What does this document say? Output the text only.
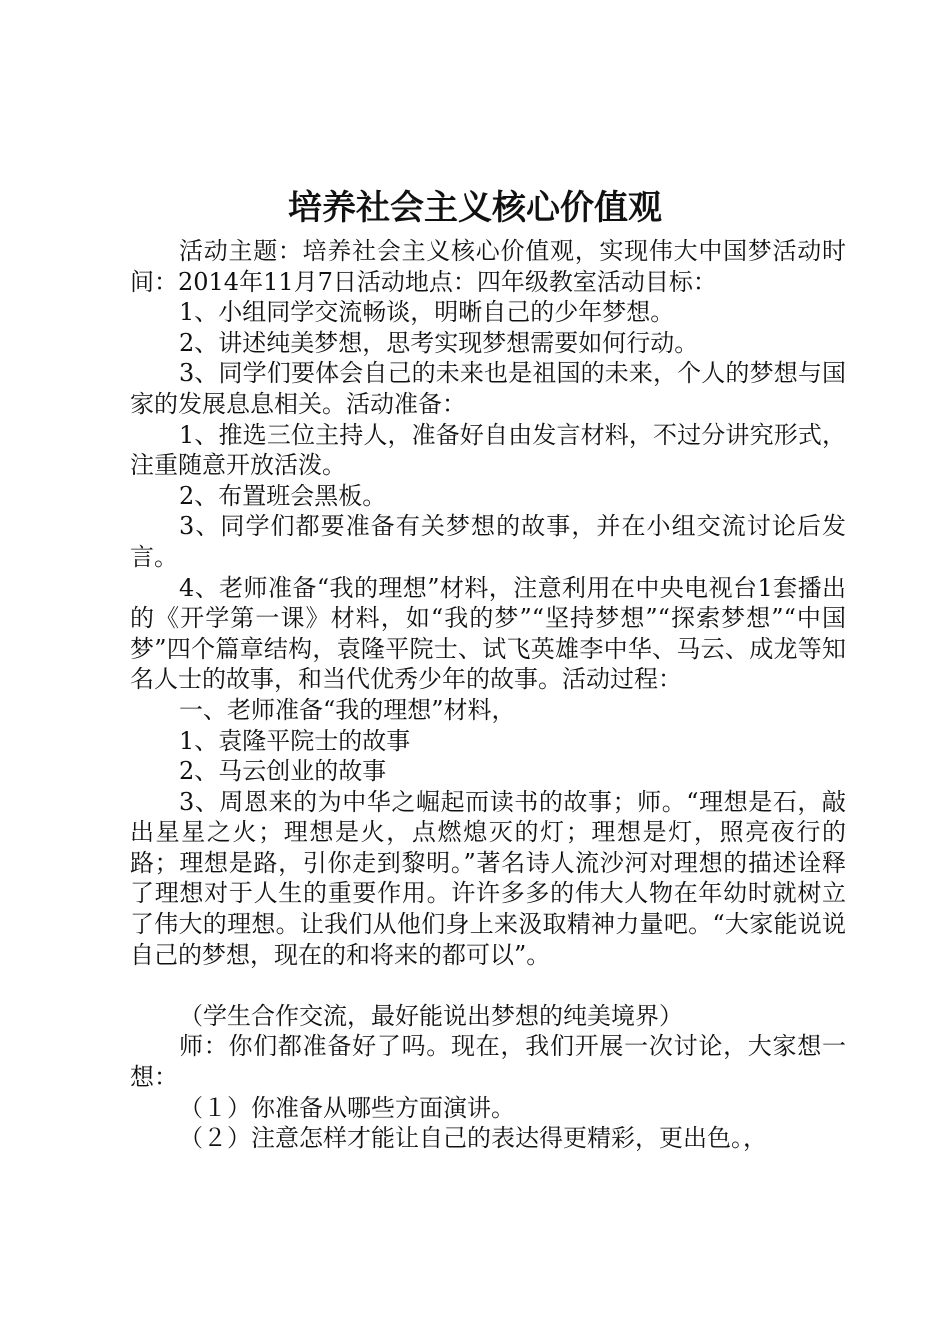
培养社会主义核心价值观

活动主题：培养社会主义核心价值观，实现伟大中国梦活动时间：2014年11月7日活动地点：四年级教室活动目标：

1、小组同学交流畅谈，明晰自己的少年梦想。

2、讲述纯美梦想，思考实现梦想需要如何行动。

3、同学们要体会自己的未来也是祖国的未来，个人的梦想与国家的发展息息相关。活动准备：

1、推选三位主持人，准备好自由发言材料，不过分讲究形式，注重随意开放活泼。

2、布置班会黑板。

3、同学们都要准备有关梦想的故事，并在小组交流讨论后发言。

4、老师准备“我的理想”材料，注意利用在中央电视台1套播出的《开学第一课》材料，如“我的梦”“坚持梦想”“探索梦想”“中国梦”四个篇章结构，袁隆平院士、试飞英雄李中华、马云、成龙等知名人士的故事，和当代优秀少年的故事。活动过程：

一、老师准备“我的理想”材料，

1、袁隆平院士的故事

2、马云创业的故事

3、周恩来的为中华之崛起而读书的故事；师。“理想是石，敲出星星之火；理想是火，点燃熄灭的灯；理想是灯，照亮夜行的路；理想是路，引你走到黎明。”著名诗人流沙河对理想的描述诠释了理想对于人生的重要作用。许许多多的伟大人物在年幼时就树立了伟大的理想。让我们从他们身上来汲取精神力量吧。“大家能说说自己的梦想，现在的和将来的都可以”。

（学生合作交流，最好能说出梦想的纯美境界）

师：你们都准备好了吗。现在，我们开展一次讨论，大家想一想：

（１）你准备从哪些方面演讲。

（２）注意怎样才能让自己的表达得更精彩，更出色。，
